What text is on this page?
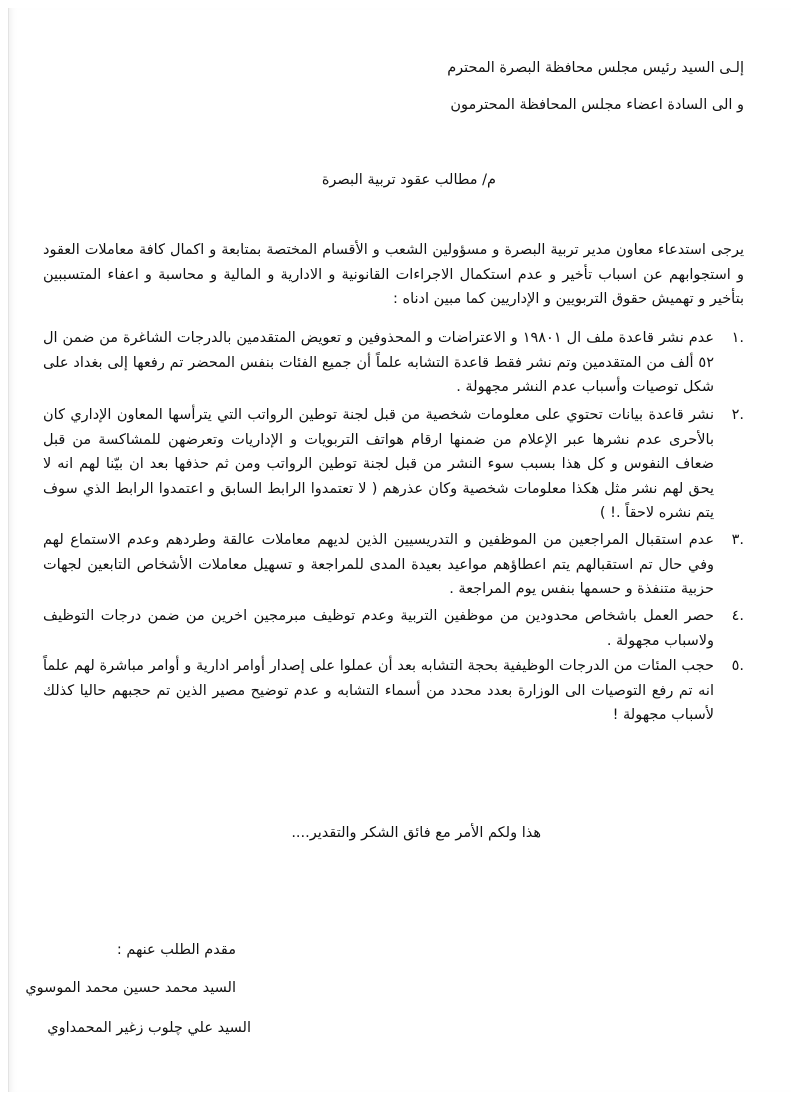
إلـى السيد رئيس مجلس محافظة البصرة المحترم
و الى السادة اعضاء مجلس المحافظة المحترمون
م/ مطالب عقود تربية البصرة

يرجى استدعاء معاون مدير تربية البصرة و مسؤولين الشعب و الأقسام المختصة بمتابعة و اكمال كافة معاملات العقود و استجوابهم عن اسباب تأخير و عدم استكمال الاجراءات القانونية و الادارية و المالية و محاسبة و اعفاء المتسببين بتأخير و تهميش حقوق التربويين و الإداريين كما مبين ادناه :

.١
عدم نشر قاعدة ملف ال ١٩٨٠١ و الاعتراضات و المحذوفين و تعويض المتقدمين بالدرجات الشاغرة من ضمن ال ٥٢ ألف من المتقدمين وتم نشر فقط قاعدة التشابه علماً أن جميع الفئات بنفس المحضر تم رفعها إلى بغداد على شكل توصيات وأسباب عدم النشر مجهولة .
.٢
نشر قاعدة بيانات تحتوي على معلومات شخصية من قبل لجنة توطين الرواتب التي يترأسها المعاون الإداري كان بالأحرى عدم نشرها عبر الإعلام من ضمنها ارقام هواتف التربويات و الإداريات وتعرضهن للمشاكسة من قبل ضعاف النفوس و كل هذا بسبب سوء النشر من قبل لجنة توطين الرواتب ومن ثم حذفها بعد ان بيّنا لهم انه لا يحق لهم نشر مثل هكذا معلومات شخصية وكان عذرهم ( لا تعتمدوا الرابط السابق و اعتمدوا الرابط الذي سوف يتم نشره لاحقاً .! )
.٣
عدم استقبال المراجعين من الموظفين و التدريسيين الذين لديهم معاملات عالقة وطردهم وعدم الاستماع لهم وفي حال تم استقبالهم يتم اعطاؤهم مواعيد بعيدة المدى للمراجعة و تسهيل معاملات الأشخاص التابعين لجهات حزبية متنفذة و حسمها بنفس يوم المراجعة .
.٤
حصر العمل باشخاص محدودين من موظفين التربية وعدم توظيف مبرمجين اخرين من ضمن درجات التوظيف ولاسباب مجهولة .
.٥
حجب المئات من الدرجات الوظيفية بحجة التشابه بعد أن عملوا على إصدار أوامر ادارية و أوامر مباشرة لهم علماً انه تم رفع التوصيات الى الوزارة بعدد محدد من أسماء التشابه و عدم توضيح مصير الذين تم حجبهم حاليا كذلك لأسباب مجهولة !
هذا ولكم الأمر مع فائق الشكر والتقدير....
مقدم الطلب عنهم :
السيد محمد حسين محمد الموسوي
السيد علي چلوب زغير المحمداوي
